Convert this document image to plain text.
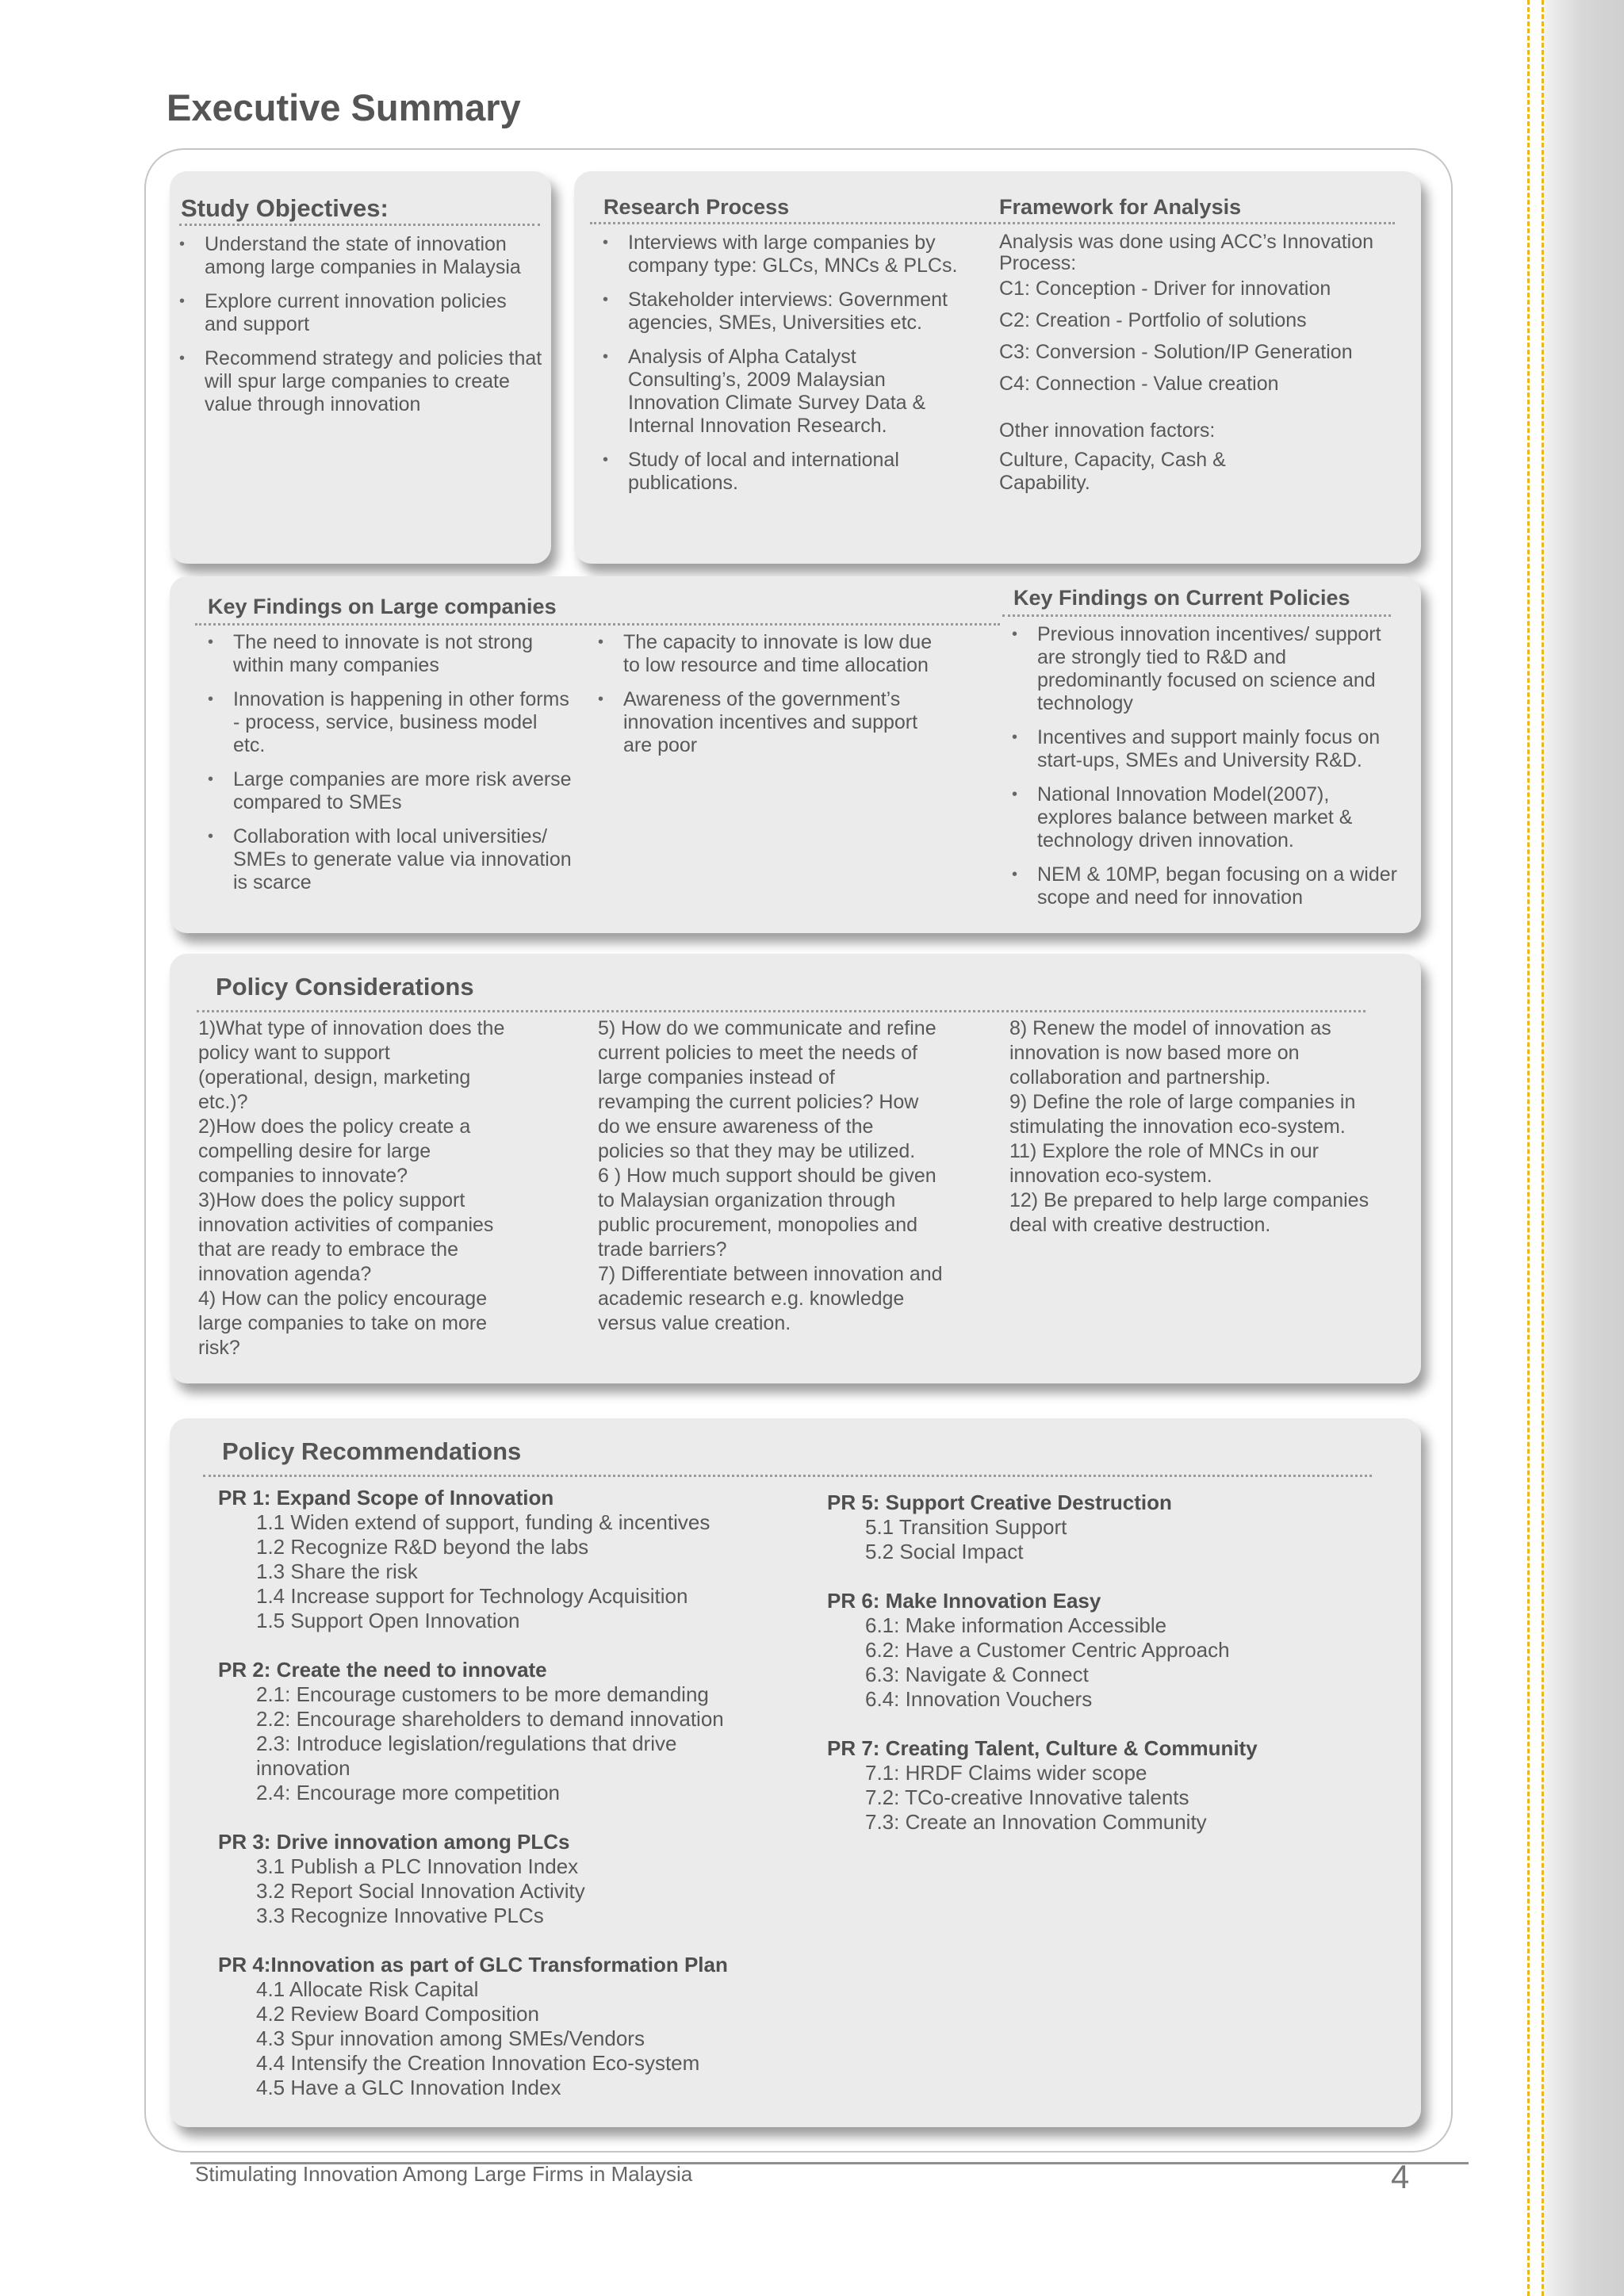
Executive Summary
Study Objectives:
• Understand the state of innovation among large companies in Malaysia
• Explore current innovation policies and support
• Recommend strategy and policies that will spur large companies to create value through innovation
Research Process	Framework for Analysis
• Interviews with large companies by company type: GLCs, MNCs & PLCs.
• Stakeholder interviews: Government agencies, SMEs, Universities etc.
• Analysis of Alpha Catalyst Consulting’s, 2009 Malaysian Innovation Climate Survey Data & Internal Innovation Research.
• Study of local and international publications.
Analysis was done using ACC’s Innovation Process:
C1: Conception - Driver for innovation
C2: Creation - Portfolio of solutions
C3: Conversion - Solution/IP Generation
C4: Connection - Value creation
Other innovation factors:
Culture, Capacity, Cash & Capability.
Key Findings on Large companies	Key Findings on Current Policies
• The need to innovate is not strong within many companies
• Innovation is happening in other forms - process, service, business model etc.
• Large companies are more risk averse compared to SMEs
• Collaboration with local universities/ SMEs to generate value via innovation is scarce
• The capacity to innovate is low due to low resource and time allocation
• Awareness of the government’s innovation incentives and support are poor
• Previous innovation incentives/ support are strongly tied to R&D and predominantly focused on science and technology
• Incentives and support mainly focus on start-ups, SMEs and University R&D.
• National Innovation Model(2007), explores balance between market & technology driven innovation.
• NEM & 10MP, began focusing on a wider scope and need for innovation
Policy Considerations
1)What type of innovation does the
policy want to support
(operational, design, marketing
etc.)?
2)How does the policy create a
compelling desire for large
companies to innovate?
3)How does the policy support
innovation activities of companies
that are ready to embrace the
innovation agenda?
4) How can the policy encourage
large companies to take on more
risk?
5) How do we communicate and refine
current policies to meet the needs of
large companies instead of
revamping the current policies? How
do we ensure awareness of the
policies so that they may be utilized.
6 ) How much support should be given
to Malaysian organization through
public procurement, monopolies and
trade barriers?
7) Differentiate between innovation and
academic research e.g. knowledge
versus value creation.
8) Renew the model of innovation as
innovation is now based more on
collaboration and partnership.
9) Define the role of large companies in
stimulating the innovation eco-system.
11) Explore the role of MNCs in our
innovation eco-system.
12) Be prepared to help large companies
deal with creative destruction.
Policy Recommendations
PR 1: Expand Scope of Innovation
1.1 Widen extend of support, funding & incentives
1.2 Recognize R&D beyond the labs
1.3 Share the risk
1.4 Increase support for Technology Acquisition
1.5 Support Open Innovation
PR 2: Create the need to innovate
2.1: Encourage customers to be more demanding
2.2: Encourage shareholders to demand innovation
2.3: Introduce legislation/regulations that drive
innovation
2.4: Encourage more competition
PR 3: Drive innovation among PLCs
3.1 Publish a PLC Innovation Index
3.2 Report Social Innovation Activity
3.3 Recognize Innovative PLCs
PR 4:Innovation as part of GLC Transformation Plan
4.1 Allocate Risk Capital
4.2 Review Board Composition
4.3 Spur innovation among SMEs/Vendors
4.4 Intensify the Creation Innovation Eco-system
4.5 Have a GLC Innovation Index
PR 5: Support Creative Destruction
5.1 Transition Support
5.2 Social Impact
PR 6: Make Innovation Easy
6.1: Make information Accessible
6.2: Have a Customer Centric Approach
6.3: Navigate & Connect
6.4: Innovation Vouchers
PR 7: Creating Talent, Culture & Community
7.1: HRDF Claims wider scope
7.2: TCo-creative Innovative talents
7.3: Create an Innovation Community
Stimulating Innovation Among Large Firms in Malaysia	4
